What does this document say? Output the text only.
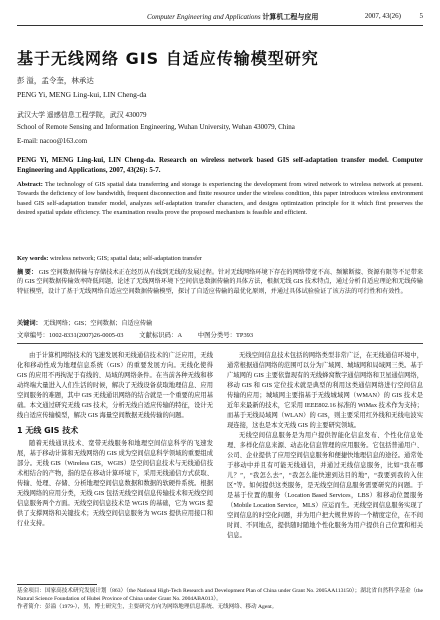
Computer Engineering and Applications 计算机工程与应用	2007, 43(26)	5
基于无线网络 GIS 自适应传输模型研究
彭 溢，孟令奎，林承达
PENG Yi, MENG Ling-kui, LIN Cheng-da
武汉大学 遥感信息工程学院，武汉 430079
School of Remote Sensing and Information Engineering, Wuhan University, Wuhan 430079, China
E-mail: nacoo@163.com
PENG Yi, MENG Ling-kui, LIN Cheng-da. Research on wireless network based GIS self-adaptation transfer model. Computer Engineering and Applications, 2007, 43(26): 5-7.
Abstract: The technology of GIS spatial data transferring and storage is experiencing the development from wired network to wireless network at present. Towards the deficiency of low bandwidth, frequent disconnection and finite resource under the wireless condition, this paper introduces wireless environment based GIS self-adaptation transfer model, analyzes self-adaptation transfer characters, and designs optimization principle for it which first preserves the desired spatial update efficiency. The examination results prove the proposed mechanism is feasible and efficient.
Key words: wireless network; GIS; spatial data; self-adaptation transfer
摘 要： GIS 空间数据传输与存储技术正在经历从有线到无线的发展过程。针对无线网络环境下存在的网络带宽不高、频繁断接、资源有限等不足带来的 GIS 空间数据传输效率降低问题，论述了无线网络环境下空间信息数据传输的具体方法，根据无线 GIS 技术特点，通过分析自适应理论和无线传输特征模型，设计了基于无线网络自适应空间数据传输模型，探讨了自适应传输的最优化原则，并通过具体试验验证了该方法的可行性和有效性。
关键词： 无线网络；GIS；空间数据；自适应传输
文章编号：1002-8331(2007)26-0005-03 文献标识码：A 中图分类号：TP393

由于计算机网络技术的飞速发展和无线通信技术的广泛应用，无线化和移动性成为地理信息系统（GIS）的重要发展方向。无线化使得 GIS 的应用不再拘泥于有线的、局域的网络条件。在当前各种无线和移动终端大量进入人们生活的时候，解决了无线设备获取地理信息、应用空间服务的难题，其中 GIS 无线通讯网络的结合就是一个重要的应用基础。本文通过研究无线 GIS 技术，分析无线自适应传输的特征，设计无线自适应传输模型，解决 GIS 海量空间数据无线传输的问题。

1 无线 GIS 技术

随着无线通讯技术、宽带无线服务和地理空间信息科学的飞速发展，基于移动计算和无线网络的 GIS 成为空间信息科学领域的重要组成部分。无线 GIS（Wireless GIS，WGIS）是空间信息技术与无线通信技术相结合的产物，指的是在移动计算环境下，采用无线通信方式获取、传输、处理、存储、分析地理空间信息数据和数据的软硬件系统。根据无线网络的应用分类，无线 GIS 包括无线空间信息传输技术和无线空间信息服务两个方面。无线空间信息技术是 WGIS 的基础，它为 WGIS 提供了支撑网络和关键技术；无线空间信息服务为 WGIS 提供应用接口和行业支持。

无线空间信息技术包括的网络类型非常广泛，在无线通信环境中，通常根据通信网络的范围可以分为广域网、城域网和局域网三类。基于广域网的 GIS 主要依靠现有的无线蜂窝数字通信网络和卫星通信网络，移动 GIS 和 GIS 定位技术就是典型的利用这类通信网络进行空间信息传输的应用；城域网主要指基于无线城域网（WMAN）的 GIS 技术是近年来最新的技术，它采用 IEEE802.16 标准的 WiMax 技术作为支持；而基于无线局域网（WLAN）的 GIS，则主要采用红外线和无线电波实现连接，这也是本文无线 GIS 的主要研究领域。

无线空间信息服务是为用户提供智能化信息发布、个性化信息处理、多样化信息来源、动态化信息管理的应用服务。它包括普通用户、公司、企业提供了应用空间信息服务和便捷快地理信息的途径。通常处于移动中并且有可能无线通信，并通过无线信息服务，比如“我在哪儿？”，“我怎么去”，“我怎么能快速到达目的地”，“我要到我的入住区”等。如何提供这类服务，是无线空间信息服务需要研究的问题。于是基于位置的服务（Location Based Services，LBS）和移动位置服务（Mobile Location Service，MLS）应运而生。无线空间信息服务实现了空间信息的时空化问题，并为用户把大规世界的一个精度定位，在不间时间、不同地点，提供随时随地个性化服务为用户提供自己位置和相关信息。

基金项目：国家高技术研究发展计划（863）（the National High-Tech Research and Development Plan of China under Grant No. 2005AA113150）；湖北省自然科学基金（the Natural Science Foundation of Hubei Province of China under Grant No. 2004ABA013）。
作者简介：彭溢（1979-），男，博士研究生，主要研究方向为网络地理信息系统、无线网络、移动 Agent。
